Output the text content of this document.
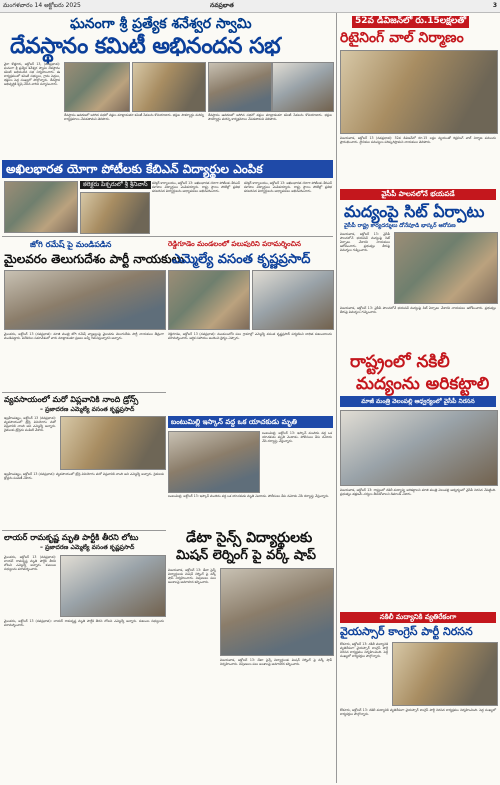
మంగళవారం 14 అక్టోబరు 2025	నవప్రభాత	3
ఘనంగా శ్రీ ప్రత్యేక శనేశ్వర స్వామి
దేవస్థానం కమిటీ అభినందన సభ
వైరా కొత్తూరు, అక్టోబర్ 13, (నవప్రభాత): ఘనంగా శ్రీ ప్రత్యేక శనేశ్వర స్వామి దేవస్థానం కమిటీ అభినందన సభ నిర్వహించారు. ఈ కార్యక్రమంలో కమిటీ సభ్యులు, గ్రామ పెద్దలు, భక్తులు పెద్ద సంఖ్యలో పాల్గొన్నారు. దేవస్థాన అభివృద్ధికి కృషి చేసిన వారిని సన్మానించారు.
దేవస్థానం ఆవరణలో జరిగిన సభలో వక్తలు మాట్లాడుతూ కమిటీ సేవలను కొనియాడారు. భక్తుల సౌకర్యార్థం మరిన్ని కార్యక్రమాలు చేపడతామని తెలిపారు.
దేవస్థానం ఆవరణలో జరిగిన సభలో వక్తలు మాట్లాడుతూ కమిటీ సేవలను కొనియాడారు. భక్తుల సౌకర్యార్థం మరిన్ని కార్యక్రమాలు చేపడతామని తెలిపారు.
అఖిలభారత యోగా పోటీలకు కేబిఎన్ విద్యార్థుల ఎంపిక
కలెక్టరు పిక్చరులో శ్రీ శ్రీనివాస్	కలెక్టర్ కార్యాలయం, అక్టోబర్ 13: అఖిలభారత యోగా పోటీలకు కేబిఎన్ కళాశాల విద్యార్థులు ఎంపికయ్యారు. రాష్ట్ర స్థాయి పోటీల్లో ప్రతిభ కనబరిచిన విద్యార్థులను అధ్యాపకులు అభినందించారు.
కలెక్టర్ కార్యాలయం, అక్టోబర్ 13: అఖిలభారత యోగా పోటీలకు కేబిఎన్ కళాశాల విద్యార్థులు ఎంపికయ్యారు. రాష్ట్ర స్థాయి పోటీల్లో ప్రతిభ కనబరిచిన విద్యార్థులను అధ్యాపకులు అభినందించారు.
జోగి రమేష్ పై మండిపడిన
మైలవరం తెలుగుదేశం పార్టీ నాయకులు
మైలవరం, అక్టోబర్ 13 (నవప్రభాత): మాజీ మంత్రి జోగి రమేష్ వ్యాఖ్యలపై మైలవరం తెలుగుదేశం పార్టీ నాయకులు తీవ్రంగా మండిపడ్డారు. విలేకరుల సమావేశంలో వారు మాట్లాడుతూ ప్రజలు అన్నీ గమనిస్తున్నారని అన్నారు.
రెడ్డిగూడెం మండలంలో పలుపురిని పరామర్శించిన
ఎమ్మెల్యే వసంత కృష్ణప్రసాద్
రెడ్డిగూడెం, అక్టోబర్ 13 (నవప్రభాత): మండలంలోని పలు గ్రామాల్లో ఎమ్మెల్యే వసంత కృష్ణప్రసాద్ పర్యటించి బాధిత కుటుంబాలను పరామర్శించారు. ఆర్థిక సహాయం అందించి ధైర్యం చెప్పారు.
వ్యవసాయంలో మరో విప్లవానికి నాంది డ్రోన్స్
– ప్రజాదరణ ఎమ్మెల్యే వసంత కృష్ణప్రసాద్
ఇబ్రహీంపట్నం, అక్టోబర్ 13 (నవప్రభాత): వ్యవసాయంలో డ్రోన్ల వినియోగం మరో విప్లవానికి నాంది అని ఎమ్మెల్యే అన్నారు. రైతులకు డ్రోన్లను పంపిణీ చేశారు.
ఇబ్రహీంపట్నం, అక్టోబర్ 13 (నవప్రభాత): వ్యవసాయంలో డ్రోన్ల వినియోగం మరో విప్లవానికి నాంది అని ఎమ్మెల్యే అన్నారు. రైతులకు డ్రోన్లను పంపిణీ చేశారు.
బంటుమిల్లి ఇస్కాన్ వద్ద ఒక యాచకుడు మృతి
బంటుమిల్లి, అక్టోబర్ 13: ఇస్కాన్ మందిరం వద్ద ఒక యాచకుడు మృతి చెందాడు. పోలీసులు కేసు నమోదు చేసి దర్యాప్తు చేస్తున్నారు.
బంటుమిల్లి, అక్టోబర్ 13: ఇస్కాన్ మందిరం వద్ద ఒక యాచకుడు మృతి చెందాడు. పోలీసులు కేసు నమోదు చేసి దర్యాప్తు చేస్తున్నారు.
లాయర్ రామకృష్ణ మృతి పార్టీకి తీరని లోటు
– ప్రజాదరణ ఎమ్మెల్యే వసంత కృష్ణప్రసాద్
మైలవరం, అక్టోబర్ 13 (నవప్రభాత): లాయర్ రామకృష్ణ మృతి పార్టీకి తీరని లోటని ఎమ్మెల్యే అన్నారు. కుటుంబ సభ్యులను పరామర్శించారు.
మైలవరం, అక్టోబర్ 13 (నవప్రభాత): లాయర్ రామకృష్ణ మృతి పార్టీకి తీరని లోటని ఎమ్మెల్యే అన్నారు. కుటుంబ సభ్యులను పరామర్శించారు.
డేటా సైన్స్ విద్యార్థులకు
మిషన్ లెర్నింగ్ పై వర్క్ షాప్
విజయవాడ, అక్టోబర్ 13: డేటా సైన్స్ విద్యార్థులకు మిషన్ లెర్నింగ్ పై వర్క్ షాప్ నిర్వహించారు. నిపుణులు పలు అంశాలపై అవగాహన కల్పించారు.
విజయవాడ, అక్టోబర్ 13: డేటా సైన్స్ విద్యార్థులకు మిషన్ లెర్నింగ్ పై వర్క్ షాప్ నిర్వహించారు. నిపుణులు పలు అంశాలపై అవగాహన కల్పించారు.
52వ డివిజన్‌లో రు.15లక్షలతో
రిటైనింగ్ వాల్ నిర్మాణం
విజయవాడ, అక్టోబర్ 13 (నవప్రభాత): 52వ డివిజన్‌లో రూ.15 లక్షల వ్యయంతో రిటైనింగ్ వాల్ నిర్మాణ పనులను ప్రారంభించారు. స్థానికుల సమస్యలు పరిష్కరిస్తామని నాయకులు తెలిపారు.
వైసీపీ పాలనలోనే భయపడే
మద్యంపై సిట్ ఏర్పాటు
వైసీపీ రాష్ట్ర కార్యదర్శులు దోనేపూడి భాస్కర్ ఆరోపణ
విజయవాడ, అక్టోబర్ 13: వైసీపీ పాలనలోనే భయపడే మద్యంపై సిట్ ఏర్పాటు చేశారని నాయకులు ఆరోపించారు. ప్రభుత్వం తీరుపై విమర్శలు గుప్పించారు.
విజయవాడ, అక్టోబర్ 13: వైసీపీ పాలనలోనే భయపడే మద్యంపై సిట్ ఏర్పాటు చేశారని నాయకులు ఆరోపించారు. ప్రభుత్వం తీరుపై విమర్శలు గుప్పించారు.
రాష్ట్రంలో నకిలీ
మద్యంను అరికట్టాలి
మాజీ మంత్రి వెలంపల్లి ఆధ్వర్యంలో వైసీపీ నిరసన
విజయవాడ, అక్టోబర్ 13: రాష్ట్రంలో నకిలీ మద్యాన్ని అరికట్టాలని మాజీ మంత్రి వెలంపల్లి ఆధ్వర్యంలో వైసీపీ నిరసన చేపట్టింది. ప్రభుత్వం తక్షణమే చర్యలు తీసుకోవాలని డిమాండ్ చేశారు.
నకిలీ మద్యానికి వ్యతిరేకంగా
వైయస్సార్ కాంగ్రెస్ పార్టీ నిరసన
కోడూరు, అక్టోబర్ 13: నకిలీ మద్యానికి వ్యతిరేకంగా వైయస్సార్ కాంగ్రెస్ పార్టీ నిరసన కార్యక్రమం నిర్వహించింది. పెద్ద సంఖ్యలో కార్యకర్తలు పాల్గొన్నారు.
కోడూరు, అక్టోబర్ 13: నకిలీ మద్యానికి వ్యతిరేకంగా వైయస్సార్ కాంగ్రెస్ పార్టీ నిరసన కార్యక్రమం నిర్వహించింది. పెద్ద సంఖ్యలో కార్యకర్తలు పాల్గొన్నారు.
